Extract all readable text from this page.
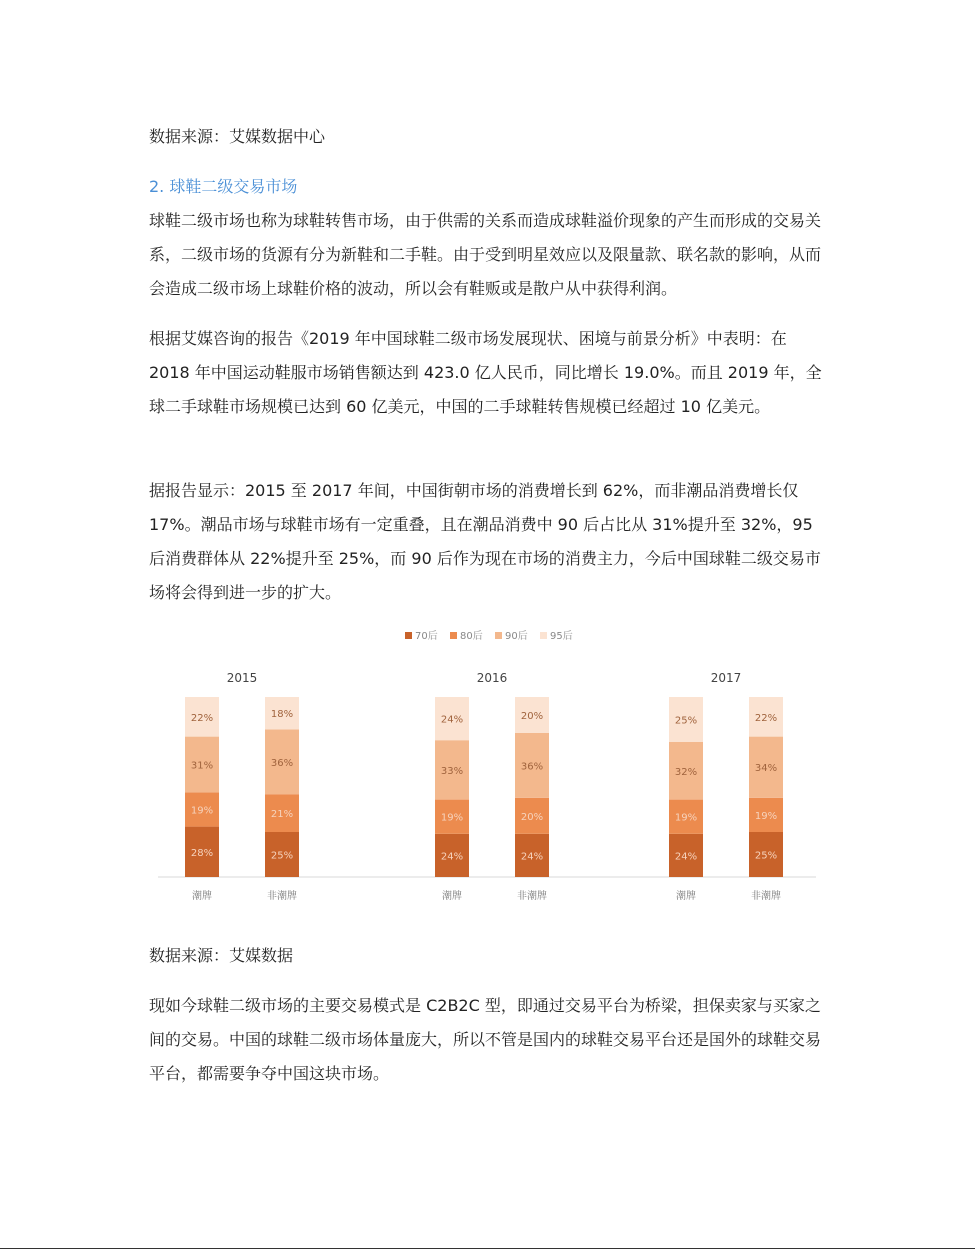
数据来源：艾媒数据中心
2. 球鞋二级交易市场

球鞋二级市场也称为球鞋转售市场，由于供需的关系而造成球鞋溢价现象的产生而形成的交易关系，二级市场的货源有分为新鞋和二手鞋。由于受到明星效应以及限量款、联名款的影响，从而会造成二级市场上球鞋价格的波动，所以会有鞋贩或是散户从中获得利润。

根据艾媒咨询的报告《2019 年中国球鞋二级市场发展现状、困境与前景分析》中表明：在 2018 年中国运动鞋服市场销售额达到 423.0 亿人民币，同比增长 19.0%。而且 2019 年，全球二手球鞋市场规模已达到 60 亿美元，中国的二手球鞋转售规模已经超过 10 亿美元。

据报告显示：2015 至 2017 年间，中国街朝市场的消费增长到 62%，而非潮品消费增长仅 17%。潮品市场与球鞋市场有一定重叠，且在潮品消费中 90 后占比从 31%提升至 32%，95 后消费群体从 22%提升至 25%，而 90 后作为现在市场的消费主力，今后中国球鞋二级交易市场将会得到进一步的扩大。

70后 80后 90后 95后
2015
28%
19%
31%
22%
潮牌
25%
21%
36%
18%
非潮牌
2016
24%
19%
33%
24%
潮牌
24%
20%
36%
20%
非潮牌
2017
24%
19%
32%
25%
潮牌
25%
19%
34%
22%
非潮牌
数据来源：艾媒数据

现如今球鞋二级市场的主要交易模式是 C2B2C 型，即通过交易平台为桥梁，担保卖家与买家之间的交易。中国的球鞋二级市场体量庞大，所以不管是国内的球鞋交易平台还是国外的球鞋交易平台，都需要争夺中国这块市场。
